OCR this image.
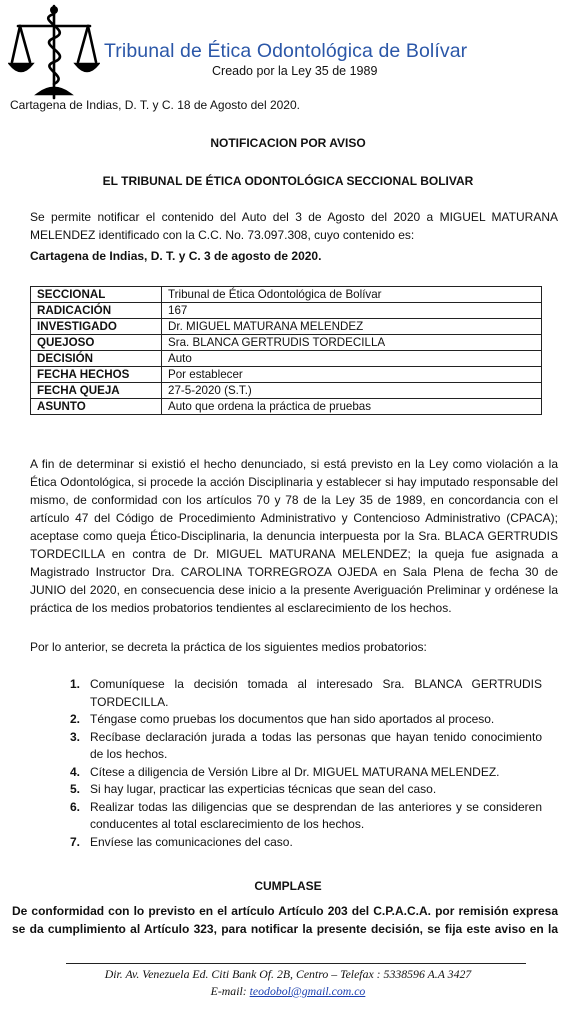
Tribunal de Ética Odontológica de Bolívar
Creado por la Ley 35 de 1989
Cartagena de Indias, D. T. y C. 18 de Agosto del 2020.
NOTIFICACION POR AVISO
EL TRIBUNAL DE ÉTICA ODONTOLÓGICA SECCIONAL BOLIVAR
Se permite notificar el contenido del Auto del 3 de Agosto del 2020 a MIGUEL MATURANA
MELENDEZ identificado con la C.C. No. 73.097.308, cuyo contenido es:
Cartagena de Indias, D. T. y C. 3 de agosto de 2020.
SECCIONAL	Tribunal de Ética Odontológica de Bolívar
RADICACIÓN	167
INVESTIGADO	Dr. MIGUEL MATURANA MELENDEZ
QUEJOSO	Sra. BLANCA GERTRUDIS TORDECILLA
DECISIÓN	Auto
FECHA HECHOS	Por establecer
FECHA QUEJA	27-5-2020 (S.T.)
ASUNTO	Auto que ordena la práctica de pruebas
A fin de determinar si existió el hecho denunciado, si está previsto en la Ley como violación a la Ética Odontológica, si procede la acción Disciplinaria y establecer si hay imputado responsable del mismo, de conformidad con los artículos 70 y 78 de la Ley 35 de 1989, en concordancia con el artículo 47 del Código de Procedimiento Administrativo y Contencioso Administrativo (CPACA); aceptase como queja Ético-Disciplinaria, la denuncia interpuesta por la Sra. BLACA GERTRUDIS TORDECILLA en contra de Dr. MIGUEL MATURANA MELENDEZ; la queja fue asignada a Magistrado Instructor Dra. CAROLINA TORREGROZA OJEDA en Sala Plena de fecha 30 de JUNIO del 2020, en consecuencia dese inicio a la presente Averiguación Preliminar y ordénese la práctica de los medios probatorios tendientes al esclarecimiento de los hechos.
Por lo anterior, se decreta la práctica de los siguientes medios probatorios:
1. Comuníquese la decisión tomada al interesado Sra. BLANCA GERTRUDIS TORDECILLA.
2. Téngase como pruebas los documentos que han sido aportados al proceso.
3. Recíbase declaración jurada a todas las personas que hayan tenido conocimiento de los hechos.
4. Cítese a diligencia de Versión Libre al Dr. MIGUEL MATURANA MELENDEZ.
5. Si hay lugar, practicar las experticias técnicas que sean del caso.
6. Realizar todas las diligencias que se desprendan de las anteriores y se consideren conducentes al total esclarecimiento de los hechos.
7. Envíese las comunicaciones del caso.
CUMPLASE
De conformidad con lo previsto en el artículo Artículo 203 del C.P.A.C.A. por remisión expresa se da cumplimiento al Artículo 323, para notificar la presente decisión, se fija este aviso en la
Dir. Av. Venezuela Ed. Citi Bank Of. 2B, Centro – Telefax : 5338596 A.A 3427
E-mail: teodobol@gmail.com.co
